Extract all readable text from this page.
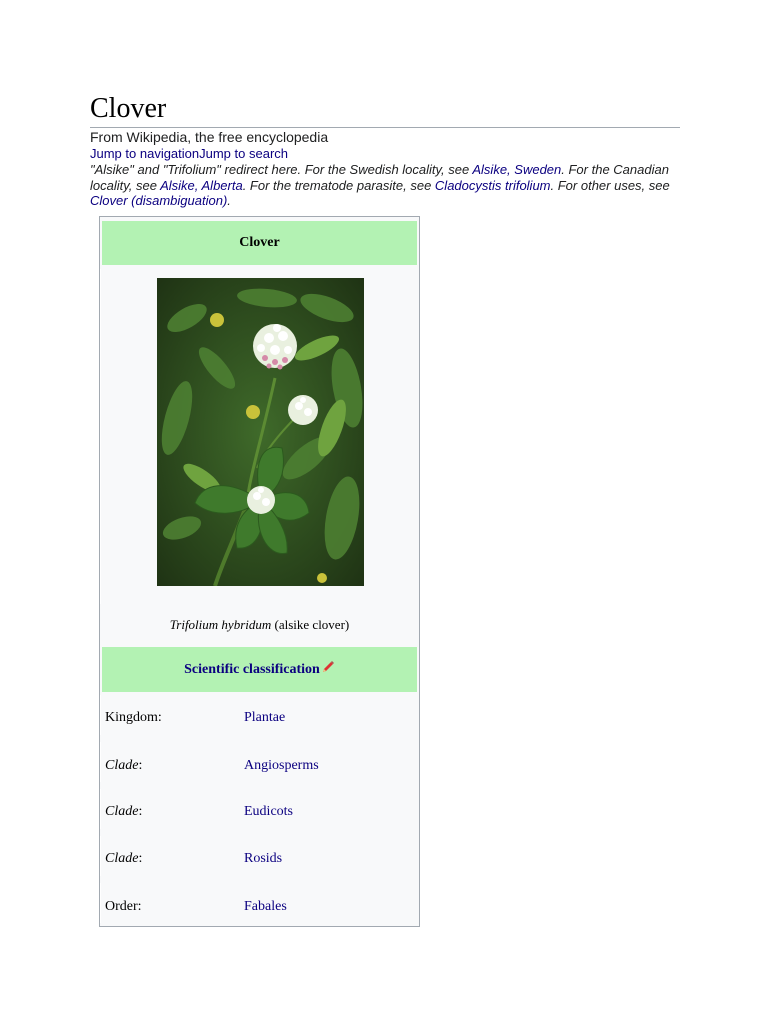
Clover
From Wikipedia, the free encyclopedia
Jump to navigationJump to search
"Alsike" and "Trifolium" redirect here. For the Swedish locality, see Alsike, Sweden. For the Canadian locality, see Alsike, Alberta. For the trematode parasite, see Cladocystis trifolium. For other uses, see Clover (disambiguation).
Clover
Trifolium hybridum (alsike clover)
Scientific classification
Kingdom:	Plantae
Clade:	Angiosperms
Clade:	Eudicots
Clade:	Rosids
Order:	Fabales
